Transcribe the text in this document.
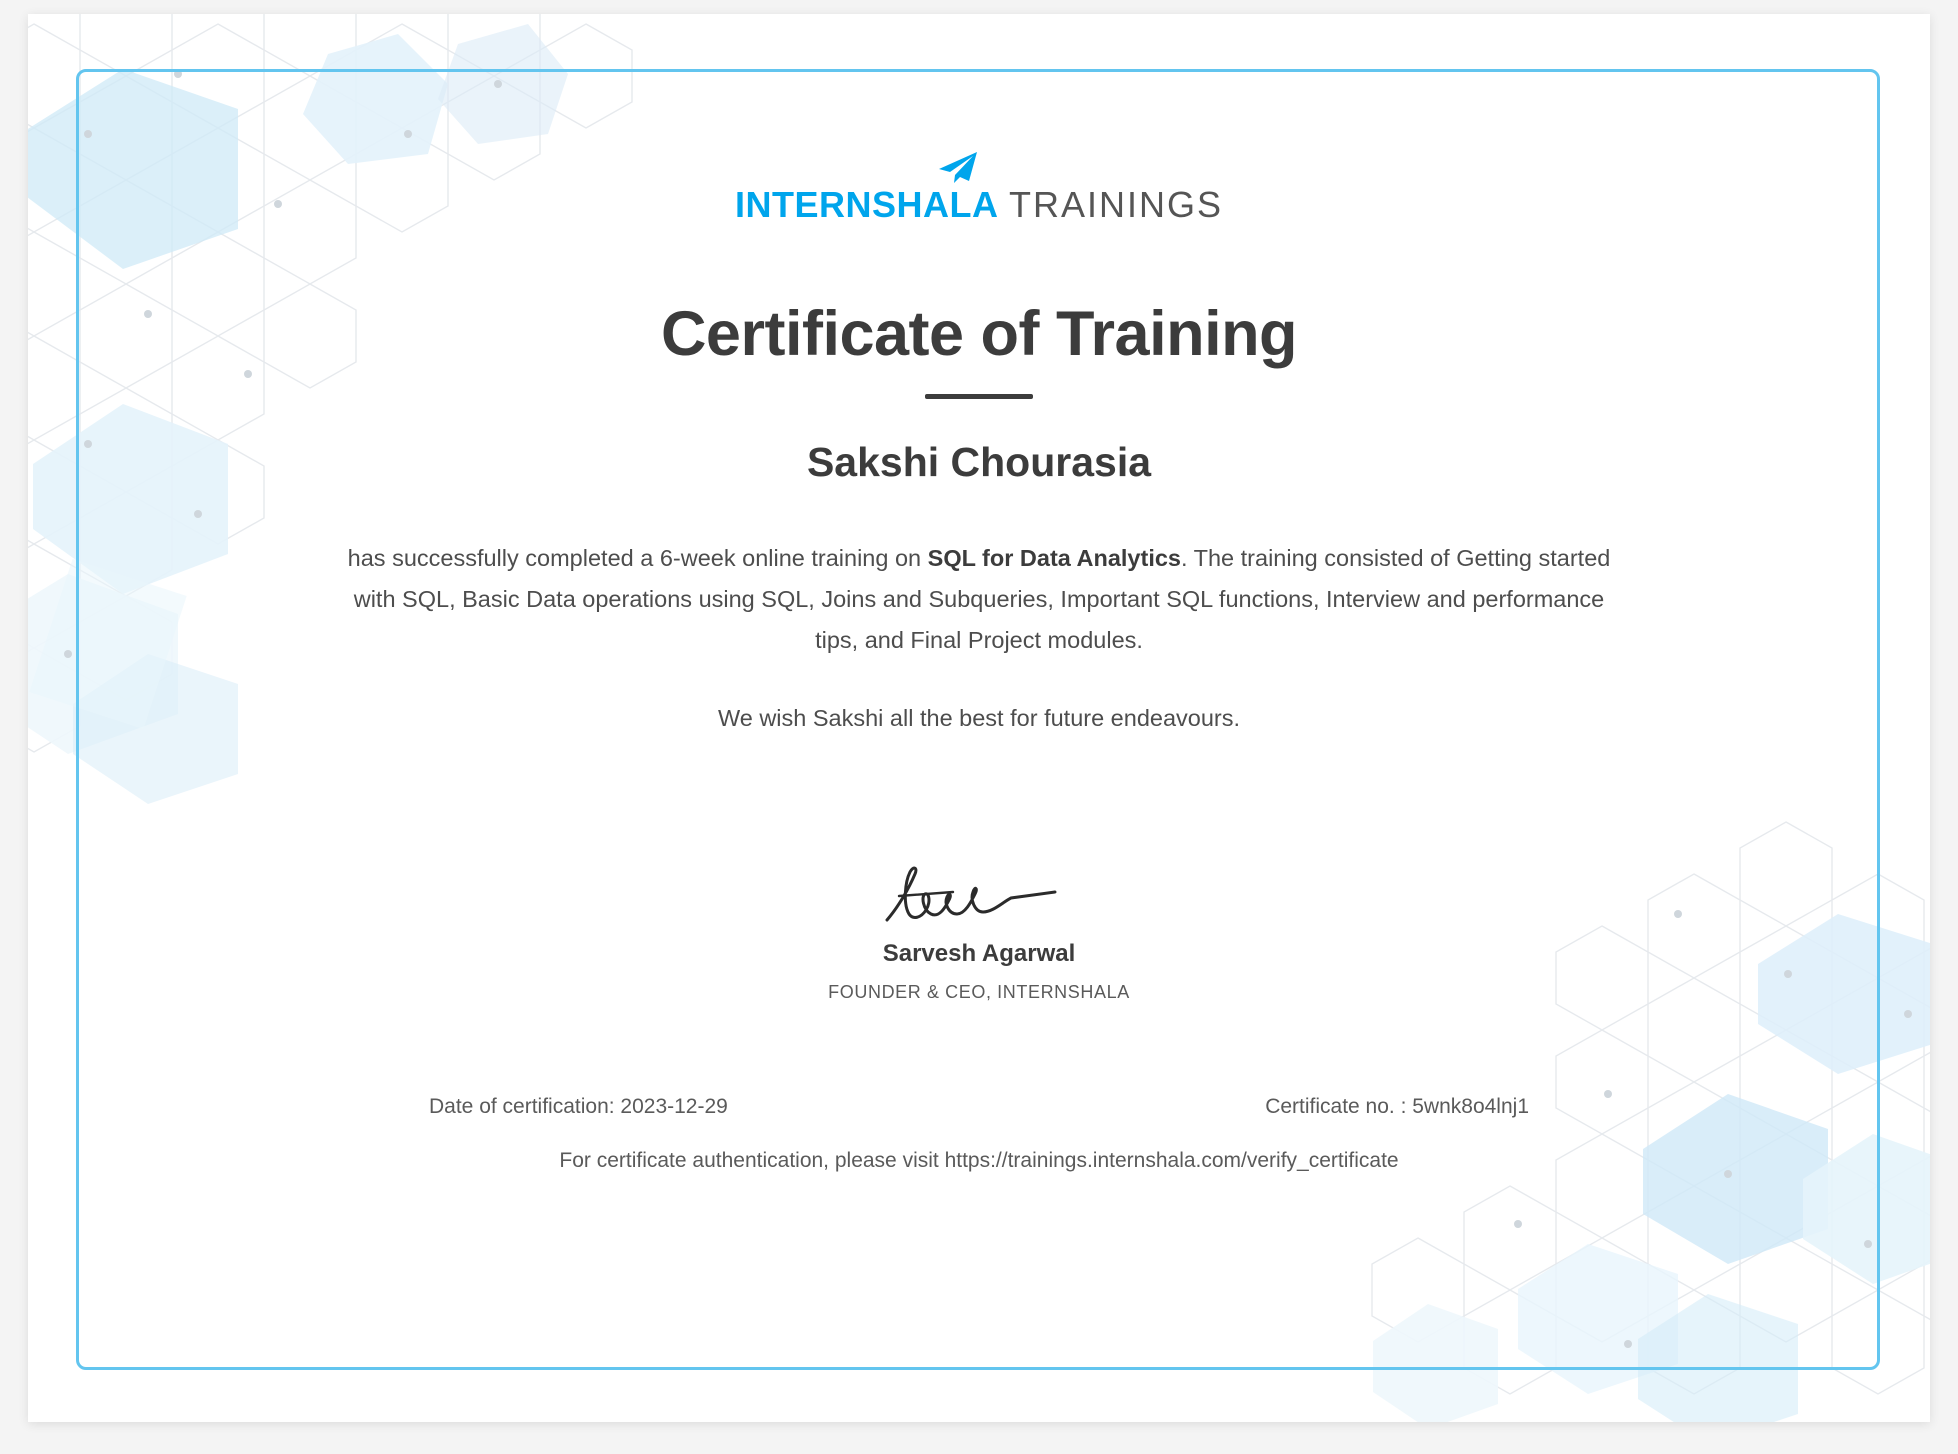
INTERNSHALA TRAININGS
Certificate of Training
Sakshi Chourasia
has successfully completed a 6-week online training on SQL for Data Analytics. The training consisted of Getting started with SQL, Basic Data operations using SQL, Joins and Subqueries, Important SQL functions, Interview and performance tips, and Final Project modules.
We wish Sakshi all the best for future endeavours.
Sarvesh Agarwal
FOUNDER & CEO, INTERNSHALA
Date of certification: 2023-12-29	Certificate no. : 5wnk8o4lnj1
For certificate authentication, please visit https://trainings.internshala.com/verify_certificate
